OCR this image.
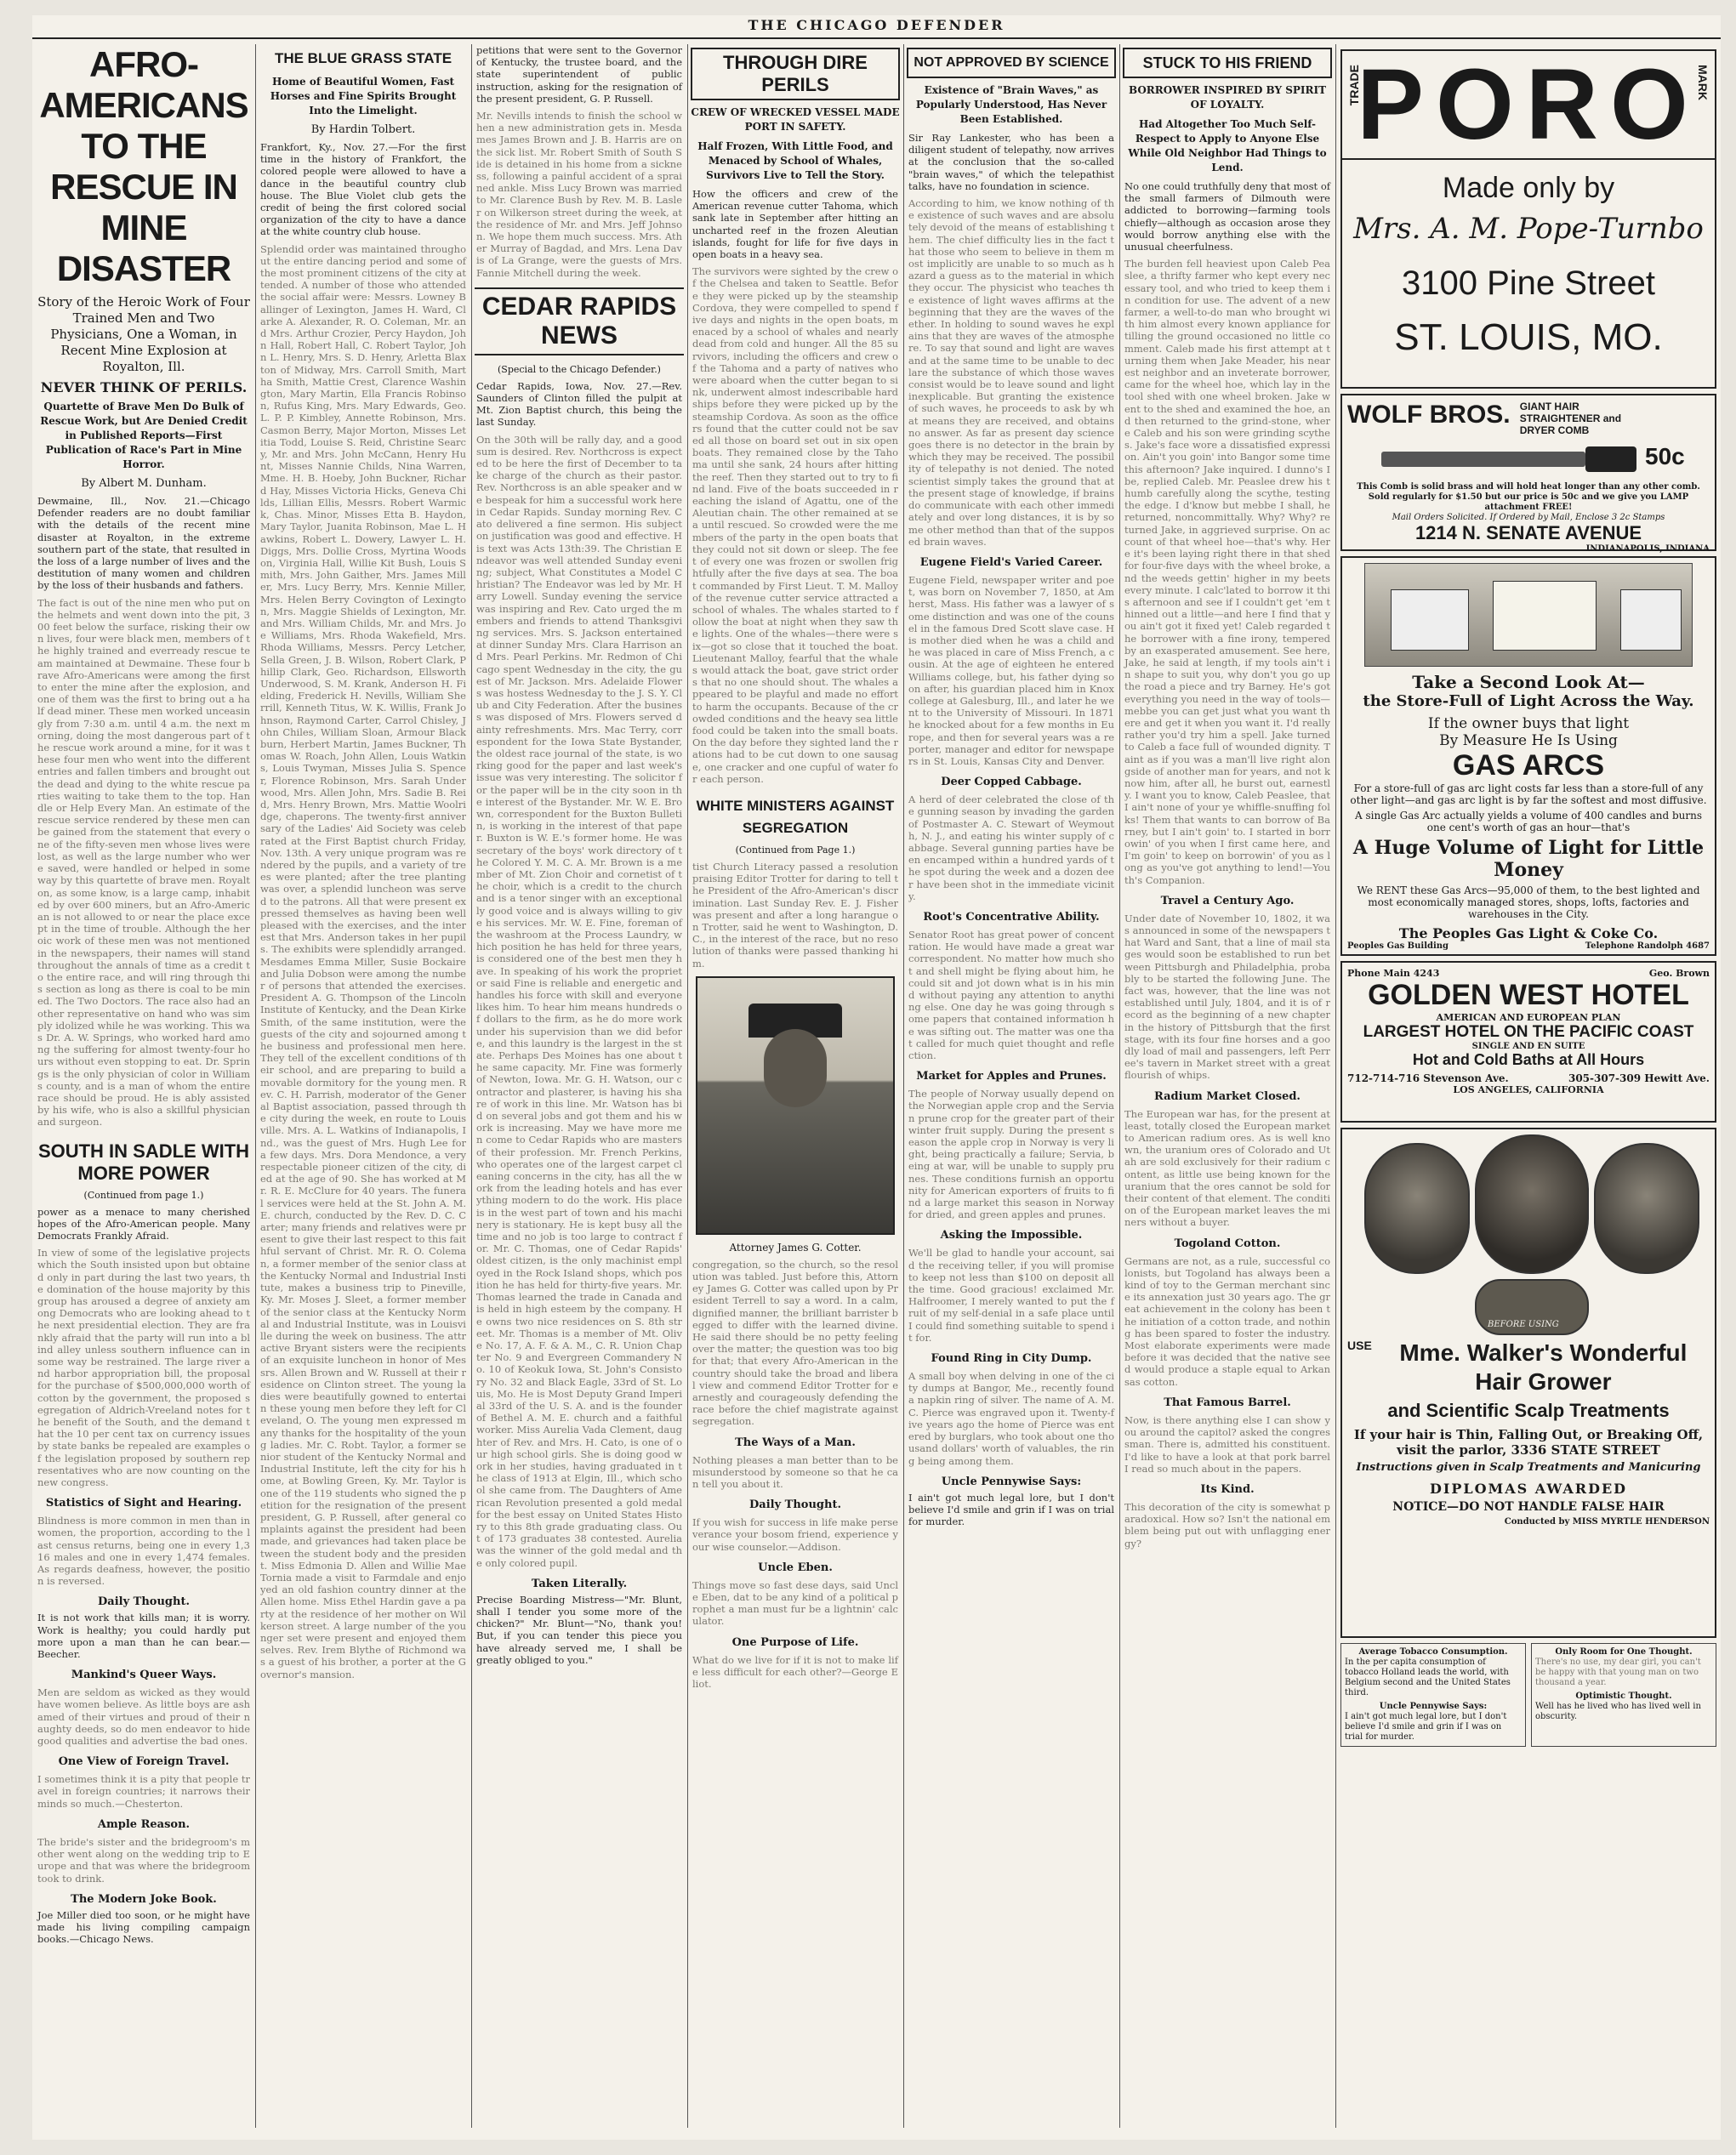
THE CHICAGO DEFENDER
AFRO-AMERICANS
TO THE RESCUE IN
MINE DISASTER
Story of the Heroic Work of Four Trained Men and Two Physicians, One a Woman, in Recent Mine Explosion at Royalton, Ill.
NEVER THINK OF PERILS.
Quartette of Brave Men Do Bulk of Rescue Work, but Are Denied Credit in Published Reports—First Publication of Race's Part in Mine Horror.
By Albert M. Dunham.
Dewmaine, Ill., Nov. 21.—Chicago Defender readers are no doubt familiar with the details of the recent mine disaster at Royalton, in the extreme southern part of the state, that resulted in the loss of a large number of lives and the destitution of many women and children by the loss of their husbands and fathers.
The fact is out of the nine men who put on the helmets and went down into the pit, 300 feet below the surface, risking their own lives, four were black men, members of the highly trained and everready rescue team maintained at Dewmaine. These four brave Afro-Americans were among the first to enter the mine after the explosion, and one of them was the first to bring out a half dead miner. These men worked unceasingly from 7:30 a.m. until 4 a.m. the next morning, doing the most dangerous part of the rescue work around a mine, for it was these four men who went into the different entries and fallen timbers and brought out the dead and dying to the white rescue parties waiting to take them to the top. Handle or Help Every Man. An estimate of the rescue service rendered by these men can be gained from the statement that every one of the fifty-seven men whose lives were lost, as well as the large number who were saved, were handled or helped in some way by this quartette of brave men. Royalton, as some know, is a large camp, inhabited by over 600 miners, but an Afro-American is not allowed to or near the place except in the time of trouble. Although the heroic work of these men was not mentioned in the newspapers, their names will stand throughout the annals of time as a credit to the entire race, and will ring through this section as long as there is coal to be mined. The Two Doctors. The race also had another representative on hand who was simply idolized while he was working. This was Dr. A. W. Springs, who worked hard among the suffering for almost twenty-four hours without even stopping to eat. Dr. Springs is the only physician of color in Williams county, and is a man of whom the entire race should be proud. He is ably assisted by his wife, who is also a skillful physician and surgeon.
SOUTH IN SADLE WITH MORE POWER
(Continued from page 1.)
power as a menace to many cherished hopes of the Afro-American people. Many Democrats Frankly Afraid.
In view of some of the legislative projects which the South insisted upon but obtained only in part during the last two years, the domination of the house majority by this group has aroused a degree of anxiety among Democrats who are looking ahead to the next presidential election. They are frankly afraid that the party will run into a blind alley unless southern influence can in some way be restrained. The large river and harbor appropriation bill, the proposal for the purchase of $500,000,000 worth of cotton by the government, the proposed segregation of Aldrich-Vreeland notes for the benefit of the South, and the demand that the 10 per cent tax on currency issues by state banks be repealed are examples of the legislation proposed by southern representatives who are now counting on the new congress.
Statistics of Sight and Hearing.
Blindness is more common in men than in women, the proportion, according to the last census returns, being one in every 1,316 males and one in every 1,474 females. As regards deafness, however, the position is reversed.
Daily Thought.
It is not work that kills man; it is worry. Work is healthy; you could hardly put more upon a man than he can bear.—Beecher.
Mankind's Queer Ways.
Men are seldom as wicked as they would have women believe. As little boys are ashamed of their virtues and proud of their naughty deeds, so do men endeavor to hide good qualities and advertise the bad ones.
One View of Foreign Travel.
I sometimes think it is a pity that people travel in foreign countries; it narrows their minds so much.—Chesterton.
Ample Reason.
The bride's sister and the bridegroom's mother went along on the wedding trip to Europe and that was where the bridegroom took to drink.
The Modern Joke Book.
Joe Miller died too soon, or he might have made his living compiling campaign books.—Chicago News.
THE BLUE GRASS STATE
Home of Beautiful Women, Fast Horses and Fine Spirits Brought Into the Limelight.
By Hardin Tolbert.
Frankfort, Ky., Nov. 27.—For the first time in the history of Frankfort, the colored people were allowed to have a dance in the beautiful country club house. The Blue Violet club gets the credit of being the first colored social organization of the city to have a dance at the white country club house.
Splendid order was maintained throughout the entire dancing period and some of the most prominent citizens of the city attended. A number of those who attended the social affair were: Messrs. Lowney Ballinger of Lexington, James H. Ward, Clarke A. Alexander, R. O. Coleman, Mr. and Mrs. Arthur Crozier, Percy Haydon, John Hall, Robert Hall, C. Robert Taylor, John L. Henry, Mrs. S. D. Henry, Arletta Blaxton of Midway, Mrs. Carroll Smith, Martha Smith, Mattie Crest, Clarence Washington, Mary Martin, Ella Francis Robinson, Rufus King, Mrs. Mary Edwards, Geo. L. P. P. Kimbley, Annette Robinson, Mrs. Casmon Berry, Major Morton, Misses Letitia Todd, Louise S. Reid, Christine Searcy, Mr. and Mrs. John McCann, Henry Hunt, Misses Nannie Childs, Nina Warren, Mme. H. B. Hoeby, John Buckner, Richard Hay, Misses Victoria Hicks, Geneva Childs, Lillian Ellis, Messrs. Robert Warmick, Chas. Minor, Misses Etta B. Haydon, Mary Taylor, Juanita Robinson, Mae L. Hawkins, Robert L. Dowery, Lawyer L. H. Diggs, Mrs. Dollie Cross, Myrtina Woodson, Virginia Hall, Willie Kit Bush, Louis Smith, Mrs. John Gaither, Mrs. James Miller, Mrs. Lucy Berry, Mrs. Kennie Miller, Mrs. Helen Berry Covington of Lexington, Mrs. Maggie Shields of Lexington, Mr. and Mrs. William Childs, Mr. and Mrs. Joe Williams, Mrs. Rhoda Wakefield, Mrs. Rhoda Williams, Messrs. Percy Letcher, Sella Green, J. B. Wilson, Robert Clark, Phillip Clark, Geo. Richardson, Ellsworth Underwood, S. M. Krank, Anderson H. Fielding, Frederick H. Nevills, William Sherrill, Kenneth Titus, W. K. Willis, Frank Johnson, Raymond Carter, Carrol Chisley, John Chiles, William Sloan, Armour Blackburn, Herbert Martin, James Buckner, Thomas W. Roach, John Allen, Louis Watkins, Louis Twyman, Misses Julia S. Spencer, Florence Robinson, Mrs. Sarah Underwood, Mrs. Allen John, Mrs. Sadie B. Reid, Mrs. Henry Brown, Mrs. Mattie Woolridge, chaperons. The twenty-first anniversary of the Ladies' Aid Society was celebrated at the First Baptist church Friday, Nov. 13th. A very unique program was rendered by the pupils, and a variety of trees were planted; after the tree planting was over, a splendid luncheon was served to the patrons. All that were present expressed themselves as having been well pleased with the exercises, and the interest that Mrs. Anderson takes in her pupils. The exhibits were splendidly arranged. Mesdames Emma Miller, Susie Bockaire and Julia Dobson were among the number of persons that attended the exercises. President A. G. Thompson of the Lincoln Institute of Kentucky, and the Dean Kirke Smith, of the same institution, were the guests of the city and sojourned among the business and professional men here. They tell of the excellent conditions of their school, and are preparing to build a movable dormitory for the young men. Rev. C. H. Parrish, moderator of the General Baptist association, passed through the city during the week, en route to Louisville. Mrs. A. L. Watkins of Indianapolis, Ind., was the guest of Mrs. Hugh Lee for a few days. Mrs. Dora Mendonce, a very respectable pioneer citizen of the city, died at the age of 90. She has worked at Mr. R. E. McClure for 40 years. The funeral services were held at the St. John A. M. E. church, conducted by the Rev. D. C. Carter; many friends and relatives were present to give their last respect to this faithful servant of Christ. Mr. R. O. Coleman, a former member of the senior class at the Kentucky Normal and Industrial Institute, makes a business trip to Pineville, Ky. Mr. Moses J. Sleet, a former member of the senior class at the Kentucky Normal and Industrial Institute, was in Louisville during the week on business. The attractive Bryant sisters were the recipients of an exquisite luncheon in honor of Messrs. Allen Brown and W. Russell at their residence on Clinton street. The young ladies were beautifully gowned to entertain these young men before they left for Cleveland, O. The young men expressed many thanks for the hospitality of the young ladies. Mr. C. Robt. Taylor, a former senior student of the Kentucky Normal and Industrial Institute, left the city for his home, at Bowling Green, Ky. Mr. Taylor is one of the 119 students who signed the petition for the resignation of the present president, G. P. Russell, after general complaints against the president had been made, and grievances had taken place between the student body and the president. Miss Edmonia D. Allen and Willie Mae Tornia made a visit to Farmdale and enjoyed an old fashion country dinner at the Allen home. Miss Ethel Hardin gave a party at the residence of her mother on Wilkerson street. A large number of the younger set were present and enjoyed themselves. Rev. Irem Blythe of Richmond was a guest of his brother, a porter at the Governor's mansion.
petitions that were sent to the Governor of Kentucky, the trustee board, and the state superintendent of public instruction, asking for the resignation of the present president, G. P. Russell.
Mr. Nevills intends to finish the school when a new administration gets in. Mesdames James Brown and J. B. Harris are on the sick list. Mr. Robert Smith of South Side is detained in his home from a sickness, following a painful accident of a sprained ankle. Miss Lucy Brown was married to Mr. Clarence Bush by Rev. M. B. Lasler on Wilkerson street during the week, at the residence of Mr. and Mrs. Jeff Johnson. We hope them much success. Mrs. Ather Murray of Bagdad, and Mrs. Lena Davis of La Grange, were the guests of Mrs. Fannie Mitchell during the week.
CEDAR RAPIDS NEWS
(Special to the Chicago Defender.)
Cedar Rapids, Iowa, Nov. 27.—Rev. Saunders of Clinton filled the pulpit at Mt. Zion Baptist church, this being the last Sunday.
On the 30th will be rally day, and a good sum is desired. Rev. Northcross is expected to be here the first of December to take charge of the church as their pastor. Rev. Northcross is an able speaker and we bespeak for him a successful work here in Cedar Rapids. Sunday morning Rev. Cato delivered a fine sermon. His subject on justification was good and effective. His text was Acts 13th:39. The Christian Endeavor was well attended Sunday evening; subject, What Constitutes a Model Christian? The Endeavor was led by Mr. Harry Lowell. Sunday evening the service was inspiring and Rev. Cato urged the members and friends to attend Thanksgiving services. Mrs. S. Jackson entertained at dinner Sunday Mrs. Clara Harrison and Mrs. Pearl Perkins. Mr. Redmon of Chicago spent Wednesday in the city, the guest of Mr. Jackson. Mrs. Adelaide Flowers was hostess Wednesday to the J. S. Y. Club and City Federation. After the business was disposed of Mrs. Flowers served dainty refreshments. Mrs. Mac Terry, correspondent for the Iowa State Bystander, the oldest race journal of the state, is working good for the paper and last week's issue was very interesting. The solicitor for the paper will be in the city soon in the interest of the Bystander. Mr. W. E. Brown, correspondent for the Buxton Bulletin, is working in the interest of that paper. Buxton is W. E.'s former home. He was secretary of the boys' work directory of the Colored Y. M. C. A. Mr. Brown is a member of Mt. Zion Choir and cornetist of the choir, which is a credit to the church and is a tenor singer with an exceptionally good voice and is always willing to give his services. Mr. W. E. Fine, foreman of the washroom at the Process Laundry, which position he has held for three years, is considered one of the best men they have. In speaking of his work the proprietor said Fine is reliable and energetic and handles his force with skill and everyone likes him. To hear him means hundreds of dollars to the firm, as he do more work under his supervision than we did before, and this laundry is the largest in the state. Perhaps Des Moines has one about the same capacity. Mr. Fine was formerly of Newton, Iowa. Mr. G. H. Watson, our contractor and plasterer, is having his share of work in this line. Mr. Watson has bid on several jobs and got them and his work is increasing. May we have more men come to Cedar Rapids who are masters of their profession. Mr. French Perkins, who operates one of the largest carpet cleaning concerns in the city, has all the work from the leading hotels and has everything modern to do the work. His place is in the west part of town and his machinery is stationary. He is kept busy all the time and no job is too large to contract for. Mr. C. Thomas, one of Cedar Rapids' oldest citizen, is the only machinist employed in the Rock Island shops, which position he has held for thirty-five years. Mr. Thomas learned the trade in Canada and is held in high esteem by the company. He owns two nice residences on S. 8th street. Mr. Thomas is a member of Mt. Olive No. 17, A. F. & A. M., C. R. Union Chapter No. 9 and Evergreen Commandery No. 10 of Keokuk Iowa, St. John's Consistory No. 32 and Black Eagle, 33rd of St. Louis, Mo. He is Most Deputy Grand Imperial 33rd of the U. S. A. and is the founder of Bethel A. M. E. church and a faithful worker. Miss Aurelia Vada Clement, daughter of Rev. and Mrs. H. Cato, is one of our high school girls. She is doing good work in her studies, having graduated in the class of 1913 at Elgin, Ill., which school she came from. The Daughters of American Revolution presented a gold medal for the best essay on United States History to this 8th grade graduating class. Out of 173 graduates 38 contested. Aurelia was the winner of the gold medal and the only colored pupil.
Taken Literally.
Precise Boarding Mistress—"Mr. Blunt, shall I tender you some more of the chicken?" Mr. Blunt—"No, thank you! But, if you can tender this piece you have already served me, I shall be greatly obliged to you."
THROUGH DIRE PERILS
CREW OF WRECKED VESSEL MADE PORT IN SAFETY.
Half Frozen, With Little Food, and Menaced by School of Whales, Survivors Live to Tell the Story.
How the officers and crew of the American revenue cutter Tahoma, which sank late in September after hitting an uncharted reef in the frozen Aleutian islands, fought for life for five days in open boats in a heavy sea.
The survivors were sighted by the crew of the Chelsea and taken to Seattle. Before they were picked up by the steamship Cordova, they were compelled to spend five days and nights in the open boats, menaced by a school of whales and nearly dead from cold and hunger. All the 85 survivors, including the officers and crew of the Tahoma and a party of natives who were aboard when the cutter began to sink, underwent almost indescribable hardships before they were picked up by the steamship Cordova. As soon as the officers found that the cutter could not be saved all those on board set out in six open boats. They remained close by the Tahoma until she sank, 24 hours after hitting the reef. Then they started out to try to find land. Five of the boats succeeded in reaching the island of Agattu, one of the Aleutian chain. The other remained at sea until rescued. So crowded were the members of the party in the open boats that they could not sit down or sleep. The feet of every one was frozen or swollen frightfully after the five days at sea. The boat commanded by First Lieut. T. M. Malloy of the revenue cutter service attracted a school of whales. The whales started to follow the boat at night when they saw the lights. One of the whales—there were six—got so close that it touched the boat. Lieutenant Malloy, fearful that the whales would attack the boat, gave strict orders that no one should shout. The whales appeared to be playful and made no effort to harm the occupants. Because of the crowded conditions and the heavy sea little food could be taken into the small boats. On the day before they sighted land the rations had to be cut down to one sausage, one cracker and one cupful of water for each person.
WHITE MINISTERS AGAINST SEGREGATION
(Continued from Page 1.)
tist Church Literacy passed a resolution praising Editor Trotter for daring to tell the President of the Afro-American's discrimination. Last Sunday Rev. E. J. Fisher was present and after a long harangue on Trotter, said he went to Washington, D. C., in the interest of the race, but no resolution of thanks were passed thanking him.
Attorney James G. Cotter.
congregation, so the church, so the resolution was tabled. Just before this, Attorney James G. Cotter was called upon by President Terrell to say a word. In a calm, dignified manner, the brilliant barrister begged to differ with the learned divine. He said there should be no petty feeling over the matter; the question was too big for that; that every Afro-American in the country should take the broad and liberal view and commend Editor Trotter for earnestly and courageously defending the race before the chief magistrate against segregation.
The Ways of a Man.
Nothing pleases a man better than to be misunderstood by someone so that he can tell you about it.
Daily Thought.
If you wish for success in life make perseverance your bosom friend, experience your wise counselor.—Addison.
Uncle Eben.
Things move so fast dese days, said Uncle Eben, dat to be any kind of a political prophet a man must fur be a lightnin' calculator.
One Purpose of Life.
What do we live for if it is not to make life less difficult for each other?—George Eliot.
NOT APPROVED BY SCIENCE
Existence of "Brain Waves," as Popularly Understood, Has Never Been Established.
Sir Ray Lankester, who has been a diligent student of telepathy, now arrives at the conclusion that the so-called "brain waves," of which the telepathist talks, have no foundation in science.
According to him, we know nothing of the existence of such waves and are absolutely devoid of the means of establishing them. The chief difficulty lies in the fact that those who seem to believe in them most implicitly are unable to so much as hazard a guess as to the material in which they occur. The physicist who teaches the existence of light waves affirms at the beginning that they are the waves of the ether. In holding to sound waves he explains that they are waves of the atmosphere. To say that sound and light are waves and at the same time to be unable to declare the substance of which those waves consist would be to leave sound and light inexplicable. But granting the existence of such waves, he proceeds to ask by what means they are received, and obtains no answer. As far as present day science goes there is no detector in the brain by which they may be received. The possibility of telepathy is not denied. The noted scientist simply takes the ground that at the present stage of knowledge, if brains do communicate with each other immediately and over long distances, it is by some other method than that of the supposed brain waves.
Eugene Field's Varied Career.
Eugene Field, newspaper writer and poet, was born on November 7, 1850, at Amherst, Mass. His father was a lawyer of some distinction and was one of the counsel in the famous Dred Scott slave case. His mother died when he was a child and he was placed in care of Miss French, a cousin. At the age of eighteen he entered Williams college, but, his father dying soon after, his guardian placed him in Knox college at Galesburg, Ill., and later he went to the University of Missouri. In 1871 he knocked about for a few months in Europe, and then for several years was a reporter, manager and editor for newspapers in St. Louis, Kansas City and Denver.
Deer Copped Cabbage.
A herd of deer celebrated the close of the gunning season by invading the garden of Postmaster A. C. Stewart of Weymouth, N. J., and eating his winter supply of cabbage. Several gunning parties have been encamped within a hundred yards of the spot during the week and a dozen deer have been shot in the immediate vicinity.
Root's Concentrative Ability.
Senator Root has great power of concentration. He would have made a great war correspondent. No matter how much shot and shell might be flying about him, he could sit and jot down what is in his mind without paying any attention to anything else. One day he was going through some papers that contained information he was sifting out. The matter was one that called for much quiet thought and reflection.
Market for Apples and Prunes.
The people of Norway usually depend on the Norwegian apple crop and the Servian prune crop for the greater part of their winter fruit supply. During the present season the apple crop in Norway is very light, being practically a failure; Servia, being at war, will be unable to supply prunes. These conditions furnish an opportunity for American exporters of fruits to find a large market this season in Norway for dried, and green apples and prunes.
Asking the Impossible.
We'll be glad to handle your account, said the receiving teller, if you will promise to keep not less than $100 on deposit all the time. Good gracious! exclaimed Mr. Halfroomer, I merely wanted to put the fruit of my self-denial in a safe place until I could find something suitable to spend it for.
Found Ring in City Dump.
A small boy when delving in one of the city dumps at Bangor, Me., recently found a napkin ring of silver. The name of A. M. C. Pierce was engraved upon it. Twenty-five years ago the home of Pierce was entered by burglars, who took about one thousand dollars' worth of valuables, the ring being among them.
Uncle Pennywise Says:
I ain't got much legal lore, but I don't believe I'd smile and grin if I was on trial for murder.
STUCK TO HIS FRIEND
BORROWER INSPIRED BY SPIRIT OF LOYALTY.
Had Altogether Too Much Self-Respect to Apply to Anyone Else While Old Neighbor Had Things to Lend.
No one could truthfully deny that most of the small farmers of Dilmouth were addicted to borrowing—farming tools chiefly—although as occasion arose they would borrow anything else with the unusual cheerfulness.
The burden fell heaviest upon Caleb Peaslee, a thrifty farmer who kept every necessary tool, and who tried to keep them in condition for use. The advent of a new farmer, a well-to-do man who brought with him almost every known appliance for tilling the ground occasioned no little comment. Caleb made his first attempt at turning them when Jake Meader, his nearest neighbor and an inveterate borrower, came for the wheel hoe, which lay in the tool shed with one wheel broken. Jake went to the shed and examined the hoe, and then returned to the grind-stone, where Caleb and his son were grinding scythes. Jake's face wore a dissatisfied expression. Ain't you goin' into Bangor some time this afternoon? Jake inquired. I dunno's I be, replied Caleb. Mr. Peaslee drew his thumb carefully along the scythe, testing the edge. I d'know but mebbe I shall, he returned, noncommittally. Why? Why? returned Jake, in aggrieved surprise. On account of that wheel hoe—that's why. Here it's been laying right there in that shed for four-five days with the wheel broke, and the weeds gettin' higher in my beets every minute. I calc'lated to borrow it this afternoon and see if I couldn't get 'em thinned out a little—and here I find that you ain't got it fixed yet! Caleb regarded the borrower with a fine irony, tempered by an exasperated amusement. See here, Jake, he said at length, if my tools ain't in shape to suit you, why don't you go up the road a piece and try Barney. He's got everything you need in the way of tools—mebbe you can get just what you want there and get it when you want it. I'd really rather you'd try him a spell. Jake turned to Caleb a face full of wounded dignity. Taint as if you was a man'll live right alongside of another man for years, and not know him, after all, he burst out, earnestly. I want you to know, Caleb Peaslee, that I ain't none of your ye whiffle-snuffing folks! Them that wants to can borrow of Barney, but I ain't goin' to. I started in borrowin' of you when I first came here, and I'm goin' to keep on borrowin' of you as long as you've got anything to lend!—Youth's Companion.
Travel a Century Ago.
Under date of November 10, 1802, it was announced in some of the newspapers that Ward and Sant, that a line of mail stages would soon be established to run between Pittsburgh and Philadelphia, probably to be started the following June. The fact was, however, that the line was not established until July, 1804, and it is of record as the beginning of a new chapter in the history of Pittsburgh that the first stage, with its four fine horses and a goodly load of mail and passengers, left Perree's tavern in Market street with a great flourish of whips.
Radium Market Closed.
The European war has, for the present at least, totally closed the European market to American radium ores. As is well known, the uranium ores of Colorado and Utah are sold exclusively for their radium content, as little use being known for the uranium that the ores cannot be sold for their content of that element. The condition of the European market leaves the miners without a buyer.
Togoland Cotton.
Germans are not, as a rule, successful colonists, but Togoland has always been a kind of toy to the German merchant since its annexation just 30 years ago. The great achievement in the colony has been the initiation of a cotton trade, and nothing has been spared to foster the industry. Most elaborate experiments were made before it was decided that the native seed would produce a staple equal to Arkansas cotton.
That Famous Barrel.
Now, is there anything else I can show you around the capitol? asked the congressman. There is, admitted his constituent. I'd like to have a look at that pork barrel I read so much about in the papers.
Its Kind.
This decoration of the city is somewhat paradoxical. How so? Isn't the national emblem being put out with unflagging energy?
TRADE	MARK
PORO
Made only by
Mrs. A. M. Pope-Turnbo
3100 Pine Street
ST. LOUIS, MO.
WOLF BROS. GIANT HAIR STRAIGHTENER and DRYER COMB
50c
This Comb is solid brass and will hold heat longer than any other comb. Sold regularly for $1.50 but our price is 50c and we give you LAMP attachment FREE!
Mail Orders Solicited. If Ordered by Mail, Enclose 3 2c Stamps
1214 N. SENATE AVENUE
INDIANAPOLIS, INDIANA
Take a Second Look At—
the Store-Full of Light Across the Way.
If the owner buys that light
By Measure He Is Using
GAS ARCS
For a store-full of gas arc light costs far less than a store-full of any other light—and gas arc light is by far the softest and most diffusive.
A single Gas Arc actually yields a volume of 400 candles and burns one cent's worth of gas an hour—that's
A Huge Volume of Light for Little Money
We RENT these Gas Arcs—95,000 of them, to the best lighted and most economically managed stores, shops, lofts, factories and warehouses in the City.
The Peoples Gas Light & Coke Co.
Peoples Gas Building	Telephone Randolph 4687
Phone Main 4243	Geo. Brown
GOLDEN WEST HOTEL
AMERICAN AND EUROPEAN PLAN
LARGEST HOTEL ON THE PACIFIC COAST
SINGLE AND EN SUITE
Hot and Cold Baths at All Hours
712-714-716 Stevenson Ave.	305-307-309 Hewitt Ave.
LOS ANGELES, CALIFORNIA
BEFORE USING
USE	Mme. Walker's Wonderful Hair Grower
and Scientific Scalp Treatments
If your hair is Thin, Falling Out, or Breaking Off, visit the parlor, 3336 STATE STREET
Instructions given in Scalp Treatments and Manicuring
DIPLOMAS AWARDED
NOTICE—DO NOT HANDLE FALSE HAIR
Conducted by MISS MYRTLE HENDERSON
Average Tobacco Consumption.
In the per capita consumption of tobacco Holland leads the world, with Belgium second and the United States third.
Uncle Pennywise Says:
I ain't got much legal lore, but I don't believe I'd smile and grin if I was on trial for murder.
Only Room for One Thought.
There's no use, my dear girl, you can't be happy with that young man on two thousand a year.
Optimistic Thought.
Well has he lived who has lived well in obscurity.
